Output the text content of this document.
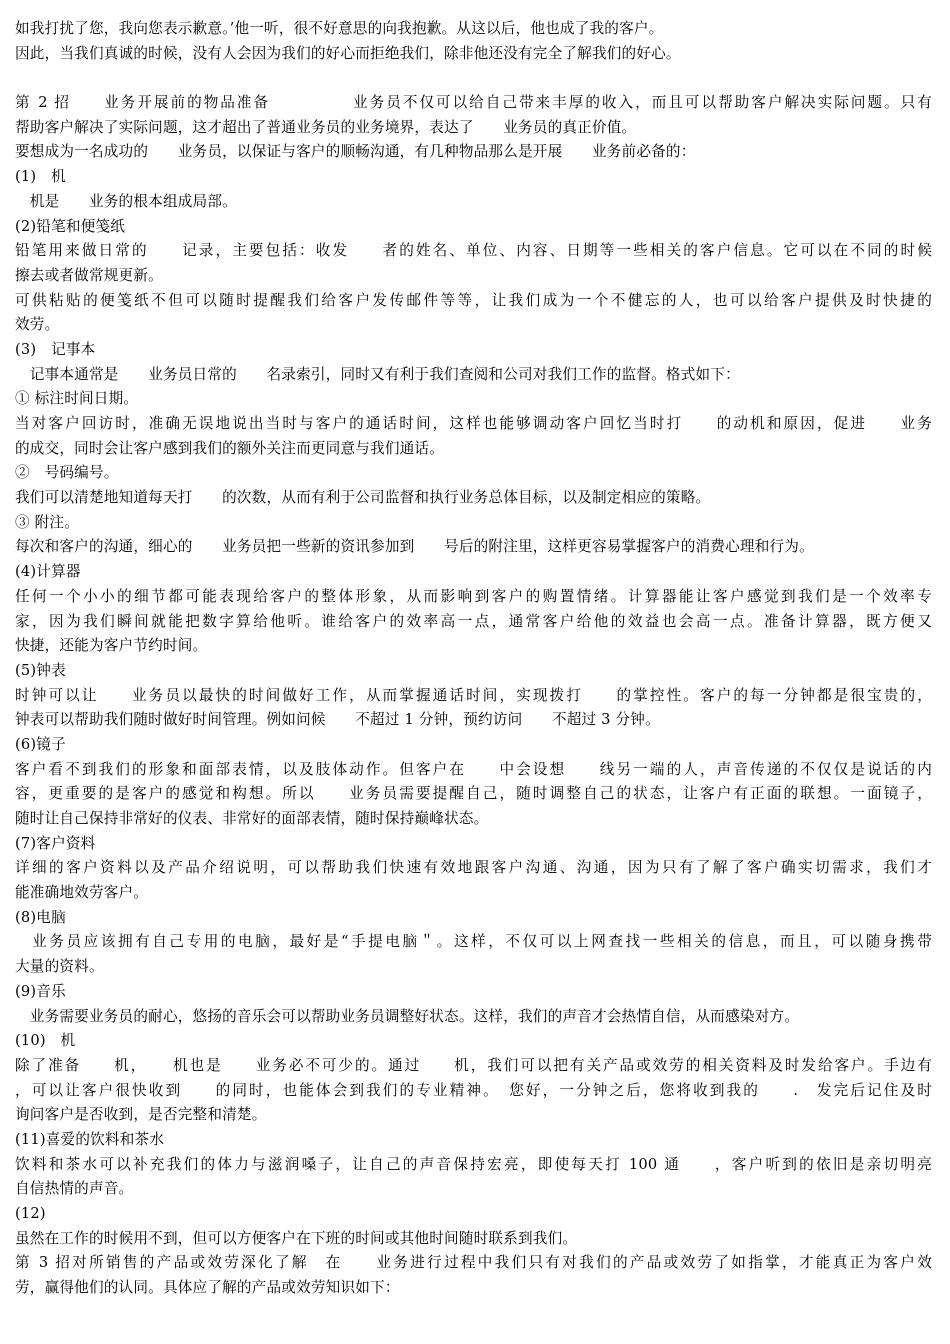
如我打扰了您，我向您表示歉意。’他一听，很不好意思的向我抱歉。从这以后，他也成了我的客户。
因此，当我们真诚的时候，没有人会因为我们的好心而拒绝我们，除非他还没有完全了解我们的好心。
第 2 招　　业务开展前的物品准备　　　　　业务员不仅可以给自己带来丰厚的收入，而且可以帮助客户解决实际问题。只有
帮助客户解决了实际问题，这才超出了普通业务员的业务境界，表达了　　业务员的真正价值。
要想成为一名成功的　　业务员，以保证与客户的顺畅沟通，有几种物品那么是开展　　业务前必备的：
(1)　机
　机是　　业务的根本组成局部。
(2)铅笔和便笺纸
铅笔用来做日常的　　记录，主要包括：收发　　者的姓名、单位、内容、日期等一些相关的客户信息。它可以在不同的时候
擦去或者做常规更新。
可供粘贴的便笺纸不但可以随时提醒我们给客户发传邮件等等，让我们成为一个不健忘的人，也可以给客户提供及时快捷的
效劳。
(3)　记事本
　记事本通常是　　业务员日常的　　名录索引，同时又有利于我们查阅和公司对我们工作的监督。格式如下：
① 标注时间日期。
当对客户回访时，准确无误地说出当时与客户的通话时间，这样也能够调动客户回忆当时打　　的动机和原因，促进　　业务
的成交，同时会让客户感到我们的额外关注而更同意与我们通话。
②　号码编号。
我们可以清楚地知道每天打　　的次数，从而有利于公司监督和执行业务总体目标，以及制定相应的策略。
③ 附注。
每次和客户的沟通，细心的　　业务员把一些新的资讯参加到　　号后的附注里，这样更容易掌握客户的消费心理和行为。
(4)计算器
任何一个小小的细节都可能表现给客户的整体形象，从而影响到客户的购置情绪。计算器能让客户感觉到我们是一个效率专
家，因为我们瞬间就能把数字算给他听。谁给客户的效率高一点，通常客户给他的效益也会高一点。准备计算器，既方便又
快捷，还能为客户节约时间。
(5)钟表
时钟可以让　　业务员以最快的时间做好工作，从而掌握通话时间，实现拨打　　的掌控性。客户的每一分钟都是很宝贵的，
钟表可以帮助我们随时做好时间管理。例如问候　　不超过 1 分钟，预约访问　　不超过 3 分钟。
(6)镜子
客户看不到我们的形象和面部表情，以及肢体动作。但客户在　　中会设想　　线另一端的人，声音传递的不仅仅是说话的内
容，更重要的是客户的感觉和构想。所以　　业务员需要提醒自己，随时调整自己的状态，让客户有正面的联想。一面镜子，
随时让自己保持非常好的仪表、非常好的面部表情，随时保持巅峰状态。
(7)客户资料
详细的客户资料以及产品介绍说明，可以帮助我们快速有效地跟客户沟通、沟通，因为只有了解了客户确实切需求，我们才
能准确地效劳客户。
(8)电脑
　业务员应该拥有自己专用的电脑，最好是“手提电脑＂。这样，不仅可以上网查找一些相关的信息，而且，可以随身携带
大量的资料。
(9)音乐
　业务需要业务员的耐心，悠扬的音乐会可以帮助业务员调整好状态。这样，我们的声音才会热情自信，从而感染对方。
(10)　机
除了准备　　机，　　机也是　　业务必不可少的。通过　　机，我们可以把有关产品或效劳的相关资料及时发给客户。手边有
，可以让客户很快收到　　的同时，也能体会到我们的专业精神。　您好，一分钟之后，您将收到我的　　.　发完后记住及时
询问客户是否收到，是否完整和清楚。
(11)喜爱的饮料和茶水
饮料和茶水可以补充我们的体力与滋润嗓子，让自己的声音保持宏亮，即使每天打 100 通　　，客户听到的依旧是亲切明亮
自信热情的声音。
(12)
虽然在工作的时候用不到，但可以方便客户在下班的时间或其他时间随时联系到我们。
第 3 招对所销售的产品或效劳深化了解　在　　业务进行过程中我们只有对我们的产品或效劳了如指掌，才能真正为客户效
劳，赢得他们的认同。具体应了解的产品或效劳知识如下：
